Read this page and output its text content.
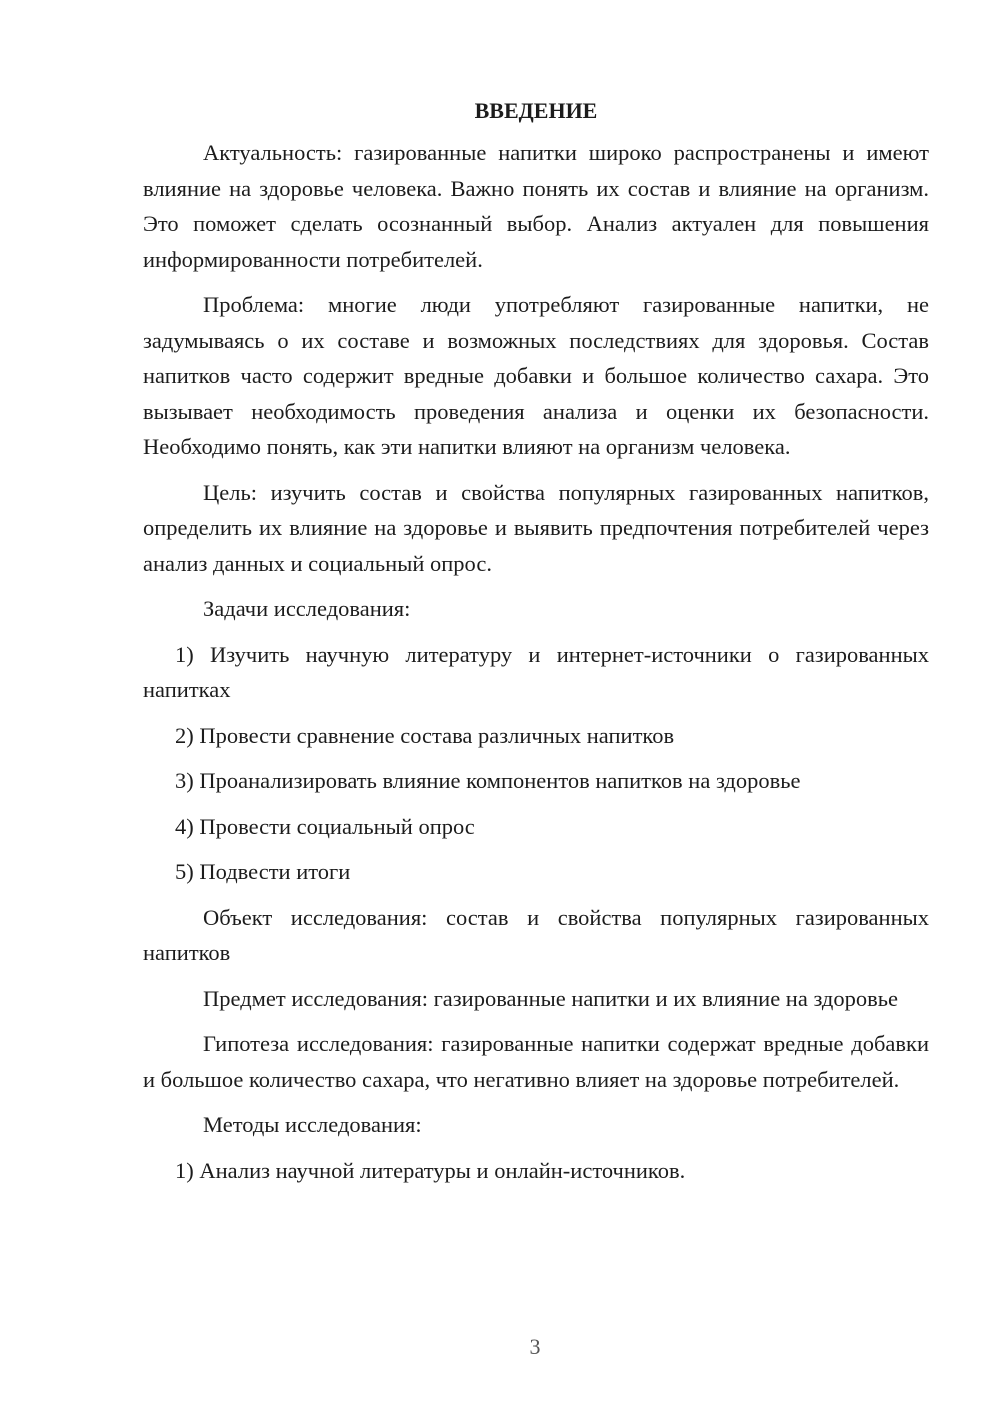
ВВЕДЕНИЕ

Актуальность: газированные напитки широко распространены и имеют влияние на здоровье человека. Важно понять их состав и влияние на организм. Это поможет сделать осознанный выбор. Анализ актуален для повышения информированности потребителей.

Проблема: многие люди употребляют газированные напитки, не задумываясь о их составе и возможных последствиях для здоровья. Состав напитков часто содержит вредные добавки и большое количество сахара. Это вызывает необходимость проведения анализа и оценки их безопасности. Необходимо понять, как эти напитки влияют на организм человека.

Цель: изучить состав и свойства популярных газированных напитков, определить их влияние на здоровье и выявить предпочтения потребителей через анализ данных и социальный опрос.

Задачи исследования:

1) Изучить научную литературу и интернет-источники о газированных напитках

2) Провести сравнение состава различных напитков

3) Проанализировать влияние компонентов напитков на здоровье

4) Провести социальный опрос

5) Подвести итоги

Объект исследования: состав и свойства популярных газированных напитков

Предмет исследования: газированные напитки и их влияние на здоровье

Гипотеза исследования: газированные напитки содержат вредные добавки и большое количество сахара, что негативно влияет на здоровье потребителей.

Методы исследования:

1) Анализ научной литературы и онлайн-источников.

3
